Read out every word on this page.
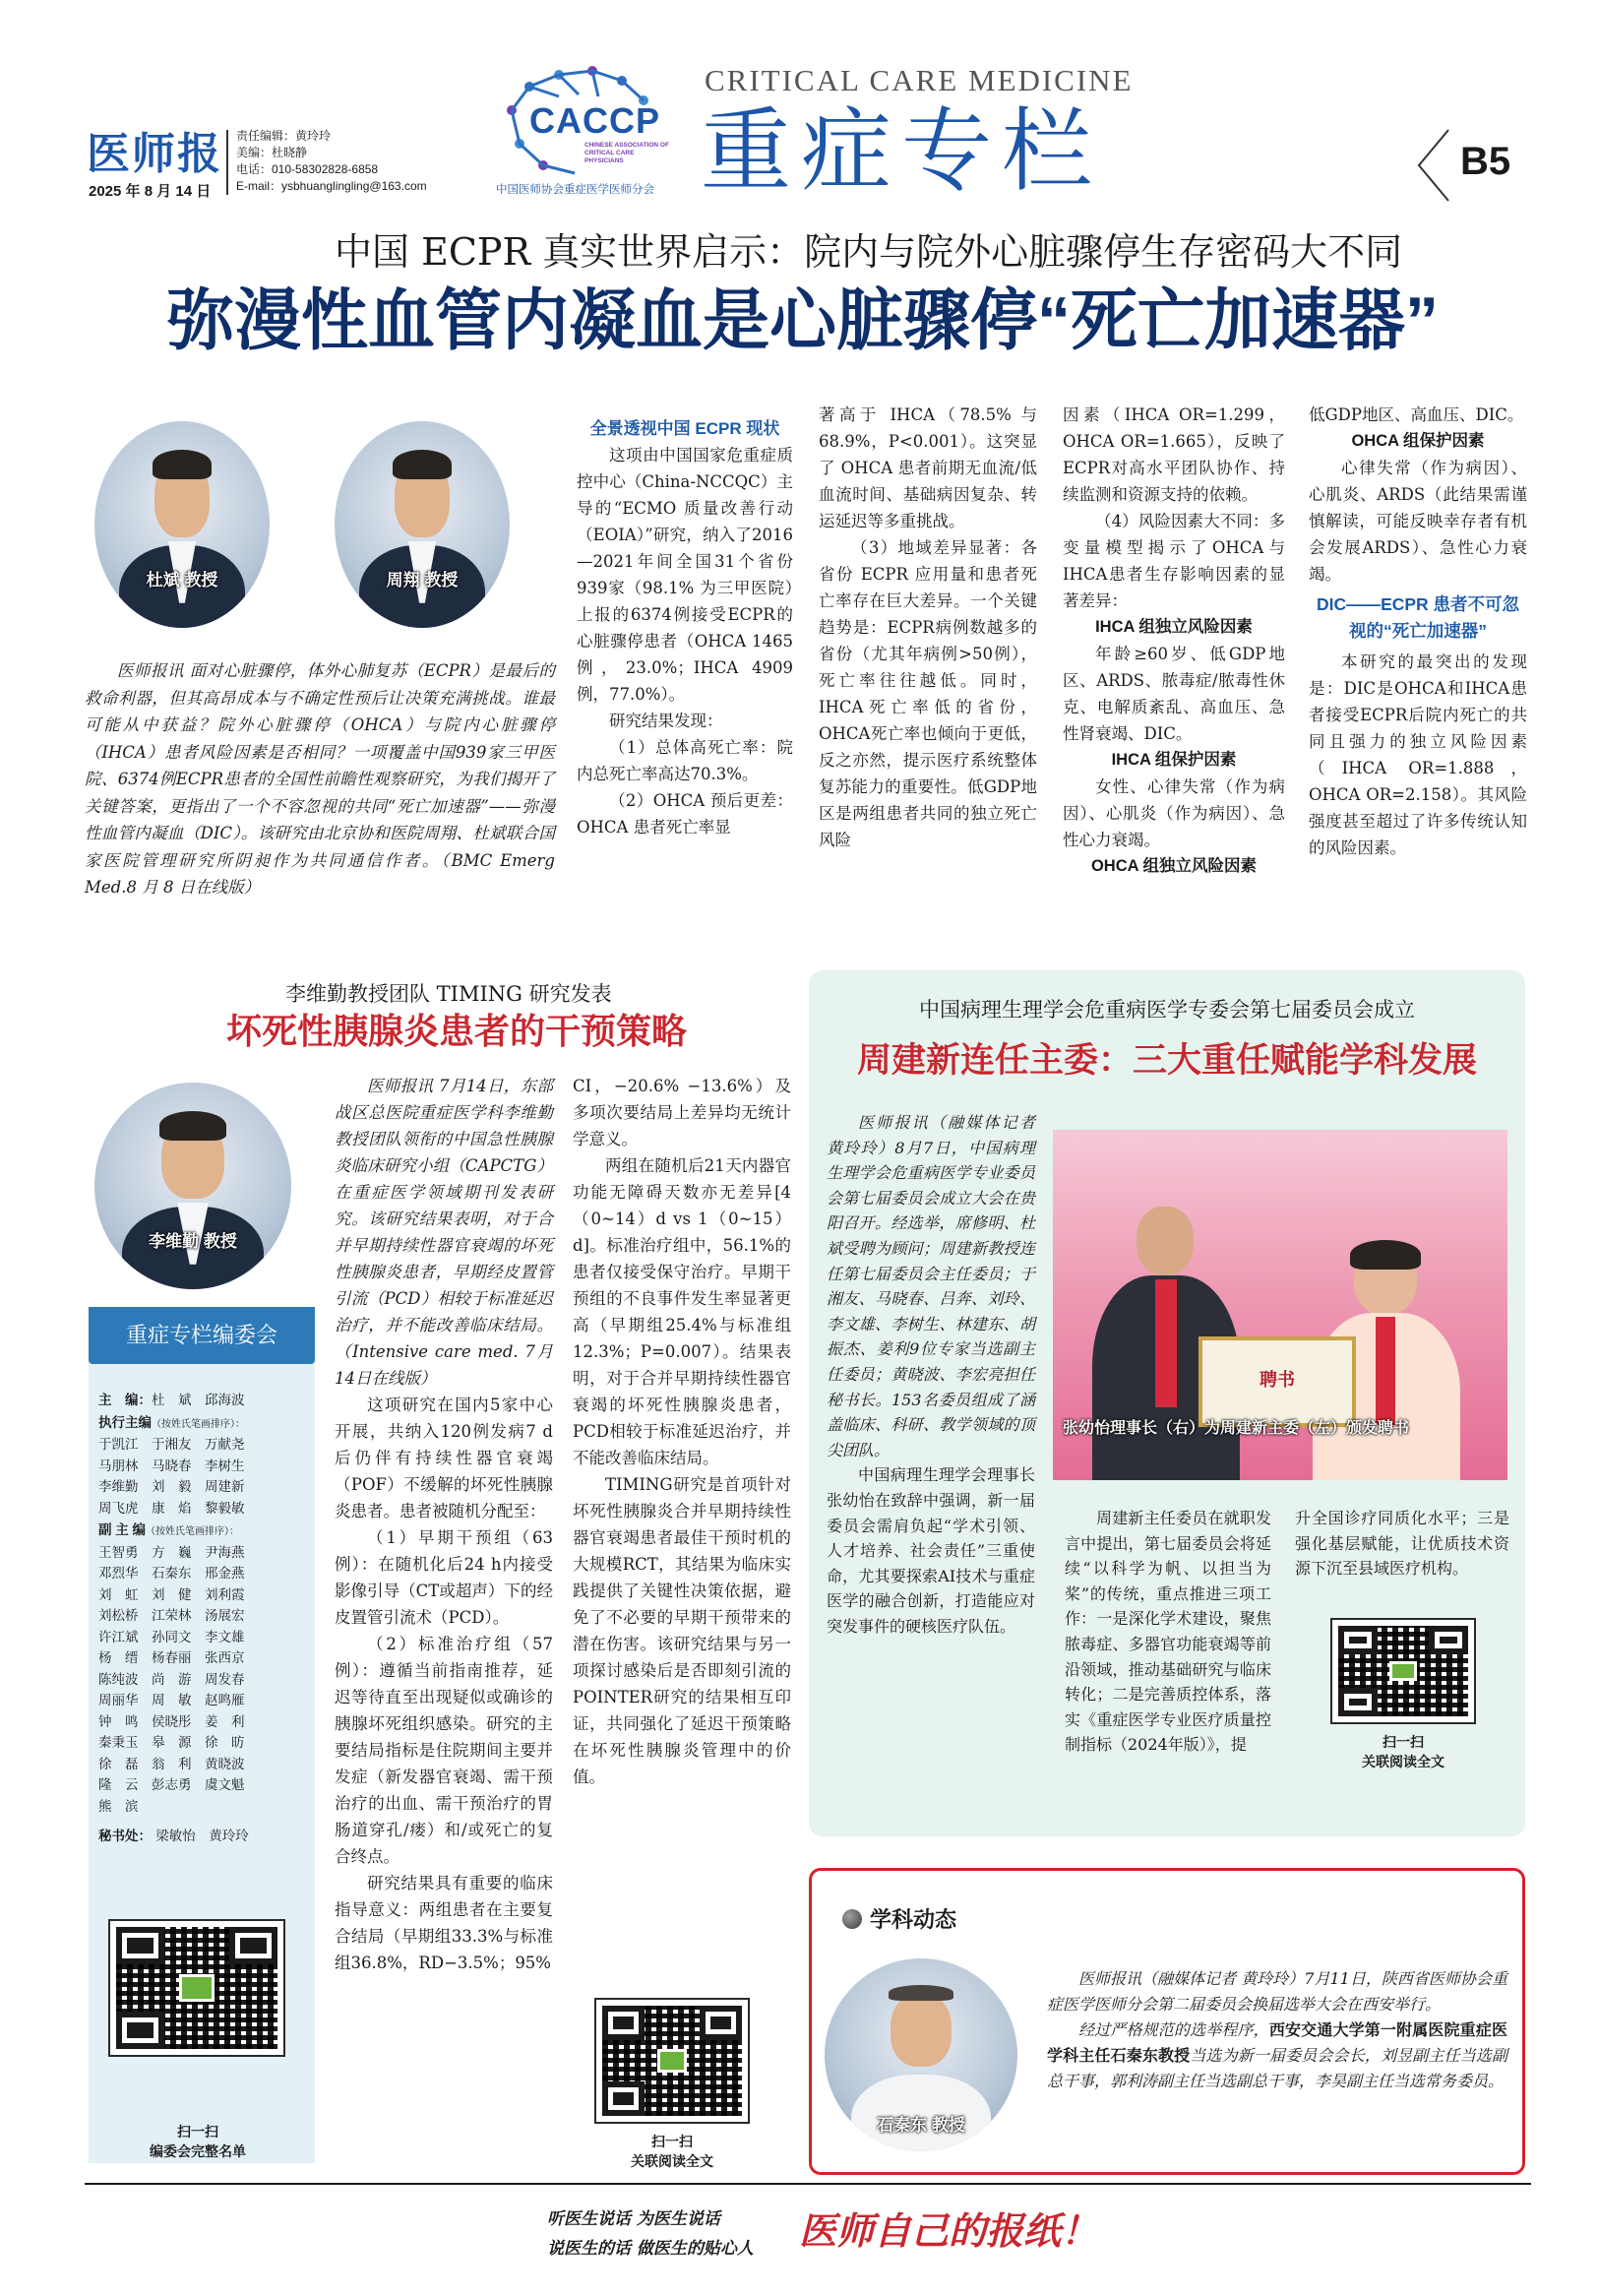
医师报
2025 年 8 月 14 日
责任编辑：黄玲玲
美编：杜晓静
电话：010-58302828-6858
E-mail：ysbhuanglingling@163.com
CACCP
CHINESE ASSOCIATION OF CRITICAL CARE PHYSICIANS
中国医师协会重症医学医师分会
CRITICAL CARE MEDICINE
重症专栏	B5
中国 ECPR 真实世界启示：院内与院外心脏骤停生存密码大不同
弥漫性血管内凝血是心脏骤停“死亡加速器”
杜斌 教授	周翔 教授

医师报讯 面对心脏骤停，体外心肺复苏（ECPR）是最后的救命利器，但其高昂成本与不确定性预后让决策充满挑战。谁最可能从中获益？院外心脏骤停（OHCA）与院内心脏骤停（IHCA）患者风险因素是否相同？一项覆盖中国939家三甲医院、6374例ECPR患者的全国性前瞻性观察研究，为我们揭开了关键答案，更指出了一个不容忽视的共同“死亡加速器”——弥漫性血管内凝血（DIC）。该研究由北京协和医院周翔、杜斌联合国家医院管理研究所阴昶作为共同通信作者。（BMC Emerg Med.8 月 8 日在线版）

全景透视中国 ECPR 现状

这项由中国国家危重症质控中心（China-NCCQC）主导的“ECMO 质量改善行动（EOIA）”研究，纳入了2016—2021年间全国31个省份939家（98.1% 为三甲医院）上报的6374例接受ECPR的心脏骤停患者（OHCA 1465例，23.0%；IHCA 4909例，77.0%）。

研究结果发现：

（1）总体高死亡率：院内总死亡率高达70.3%。

（2）OHCA 预后更差：OHCA 患者死亡率显

著高于 IHCA（78.5% 与 68.9%，P<0.001）。这突显了 OHCA 患者前期无血流/低血流时间、基础病因复杂、转运延迟等多重挑战。

（3）地域差异显著：各省份 ECPR 应用量和患者死亡率存在巨大差异。一个关键趋势是：ECPR病例数越多的省份（尤其年病例>50例），死亡率往往越低。同时，IHCA死亡率低的省份，OHCA死亡率也倾向于更低，反之亦然，提示医疗系统整体复苏能力的重要性。低GDP地区是两组患者共同的独立死亡风险

因素（IHCA OR=1.299，OHCA OR=1.665），反映了ECPR对高水平团队协作、持续监测和资源支持的依赖。

（4）风险因素大不同：多变量模型揭示了OHCA与IHCA患者生存影响因素的显著差异：

IHCA 组独立风险因素

年龄≥60岁、低GDP地区、ARDS、脓毒症/脓毒性休克、电解质紊乱、高血压、急性肾衰竭、DIC。

IHCA 组保护因素

女性、心律失常（作为病因）、心肌炎（作为病因）、急性心力衰竭。

OHCA 组独立风险因素

低GDP地区、高血压、DIC。

OHCA 组保护因素

心律失常（作为病因）、心肌炎、ARDS（此结果需谨慎解读，可能反映幸存者有机会发展ARDS）、急性心力衰竭。

DIC——ECPR 患者不可忽视的“死亡加速器”

本研究的最突出的发现是：DIC是OHCA和IHCA患者接受ECPR后院内死亡的共同且强力的独立风险因素（IHCA OR=1.888，OHCA OR=2.158）。其风险强度甚至超过了许多传统认知的风险因素。

李维勤教授团队 TIMING 研究发表
坏死性胰腺炎患者的干预策略
李维勤 教授

医师报讯 7月14日，东部战区总医院重症医学科李维勤教授团队领衔的中国急性胰腺炎临床研究小组（CAPCTG）在重症医学领域期刊发表研究。该研究结果表明，对于合并早期持续性器官衰竭的坏死性胰腺炎患者，早期经皮置管引流（PCD）相较于标准延迟治疗，并不能改善临床结局。（Intensive care med. 7月14日在线版）

这项研究在国内5家中心开展，共纳入120例发病7 d后仍伴有持续性器官衰竭（POF）不缓解的坏死性胰腺炎患者。患者被随机分配至：

（1）早期干预组（63例）：在随机化后24 h内接受影像引导（CT或超声）下的经皮置管引流术（PCD）。

（2）标准治疗组（57例）：遵循当前指南推荐，延迟等待直至出现疑似或确诊的胰腺坏死组织感染。研究的主要结局指标是住院期间主要并发症（新发器官衰竭、需干预治疗的出血、需干预治疗的胃肠道穿孔/瘘）和/或死亡的复合终点。

研究结果具有重要的临床指导意义：两组患者在主要复合结局（早期组33.3%与标准组36.8%，RD−3.5%；95%

CI，−20.6% −13.6%）及多项次要结局上差异均无统计学意义。

两组在随机后21天内器官功能无障碍天数亦无差异[4（0~14）d vs 1（0~15）d]。标准治疗组中，56.1%的患者仅接受保守治疗。早期干预组的不良事件发生率显著更高（早期组25.4%与标准组12.3%；P=0.007）。结果表明，对于合并早期持续性器官衰竭的坏死性胰腺炎患者，PCD相较于标准延迟治疗，并不能改善临床结局。

TIMING研究是首项针对坏死性胰腺炎合并早期持续性器官衰竭患者最佳干预时机的大规模RCT，其结果为临床实践提供了关键性决策依据，避免了不必要的早期干预带来的潜在伤害。该研究结果与另一项探讨感染后是否即刻引流的POINTER研究的结果相互印证，共同强化了延迟干预策略在坏死性胰腺炎管理中的价值。

扫一扫
关联阅读全文
重症专栏编委会
主　编：杜　斌　邱海波
执行主编（按姓氏笔画排序）：
于凯江　于湘友　万献尧
马朋林　马晓春　李树生
李维勤　刘　毅　周建新
周飞虎　康　焰　黎毅敏
副 主 编（按姓氏笔画排序）：
王智勇　方　巍　尹海燕
邓烈华　石秦东　邢金燕
刘　虹　刘　健　刘利霞
刘松桥　江荣林　汤展宏
许江斌　孙同文　李文雄
杨　缙　杨春丽　张西京
陈纯波　尚　游　周发春
周丽华　周　敏　赵鸣雁
钟　鸣　侯晓彤　姜　利
秦秉玉　皋　源　徐　昉
徐　磊　翁　利　黄晓波
隆　云　彭志勇　虞文魁
熊　滨
秘书处： 梁敏怡　黄玲玲
扫一扫
编委会完整名单
中国病理生理学会危重病医学专委会第七届委员会成立
周建新连任主委：三大重任赋能学科发展

医师报讯（融媒体记者 黄玲玲）8月7日，中国病理生理学会危重病医学专业委员会第七届委员会成立大会在贵阳召开。经选举，席修明、杜斌受聘为顾问；周建新教授连任第七届委员会主任委员；于湘友、马晓春、吕奔、刘玲、李文雄、李树生、林建东、胡振杰、姜利9位专家当选副主任委员；黄晓波、李宏亮担任秘书长。153名委员组成了涵盖临床、科研、教学领域的顶尖团队。

中国病理生理学会理事长张幼怡在致辞中强调，新一届委员会需肩负起“学术引领、人才培养、社会责任”三重使命，尤其要探索AI技术与重症医学的融合创新，打造能应对突发事件的硬核医疗队伍。

聘书
张幼怡理事长（右）为周建新主委（左）颁发聘书

周建新主任委员在就职发言中提出，第七届委员会将延续“以科学为帆、以担当为桨”的传统，重点推进三项工作：一是深化学术建设，聚焦脓毒症、多器官功能衰竭等前沿领域，推动基础研究与临床转化；二是完善质控体系，落实《重症医学专业医疗质量控制指标（2024年版）》，提

升全国诊疗同质化水平；三是强化基层赋能，让优质技术资源下沉至县域医疗机构。

扫一扫
关联阅读全文
学科动态
石秦东 教授

医师报讯（融媒体记者 黄玲玲）7月11日，陕西省医师协会重症医学医师分会第二届委员会换届选举大会在西安举行。

经过严格规范的选举程序，西安交通大学第一附属医院重症医学科主任石秦东教授当选为新一届委员会会长，刘昱副主任当选副总干事，郭利涛副主任当选副总干事，李昊副主任当选常务委员。

听医生说话 为医生说话
说医生的话 做医生的贴心人 医师自己的报纸！
